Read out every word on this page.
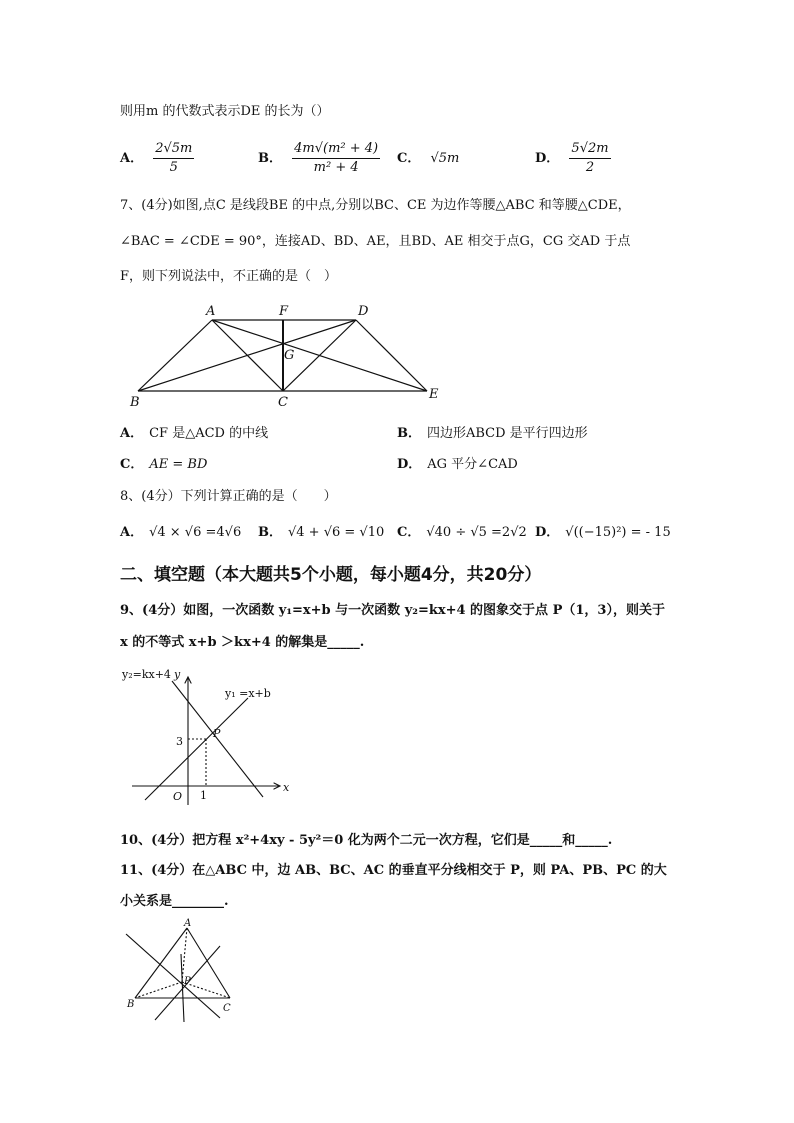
则用m 的代数式表示DE 的长为（）
A． $\frac{2√5m}{5}$	B． $\frac{\text{4m√(m² + 4)}}{\text{m² + 4}}$ C． √5m	D． $\frac{5√2m}{2}$
7、(4分)如图,点C 是线段BE 的中点,分别以BC、CE 为边作等腰△ABC 和等腰△CDE，
∠BAC = ∠CDE = 90°，连接AD、BD、AE，且BD、AE 相交于点G，CG 交AD 于点
F，则下列说法中，不正确的是（　）
A	F	D
G
B	C
E
A． CF 是△ACD 的中线	B． 四边形ABCD 是平行四边形
C． AE = BD	D． AG 平分∠CAD
8、(4分）下列计算正确的是（　　）
A． √4 × √6 =4√6 B． √4 + √6 = √10 C． √40 ÷ √5 =2√2 D． √((−15)²) = - 15
二、填空题（本大题共5个小题，每小题4分，共20分）
9、(4分）如图，一次函数 y₁=x+b 与一次函数 y₂=kx+4 的图象交于点 P（1，3），则关于
x 的不等式 x+b ＞kx+4 的解集是_____.
y₂=kx+4 y
y₁ =x+b
P
3
O 1
x
10、(4分）把方程 x²+4xy - 5y²＝0 化为两个二元一次方程，它们是_____和_____.
11、(4分）在△ABC 中，边 AB、BC、AC 的垂直平分线相交于 P，则 PA、PB、PC 的大
小关系是________.
A
P
B	C
